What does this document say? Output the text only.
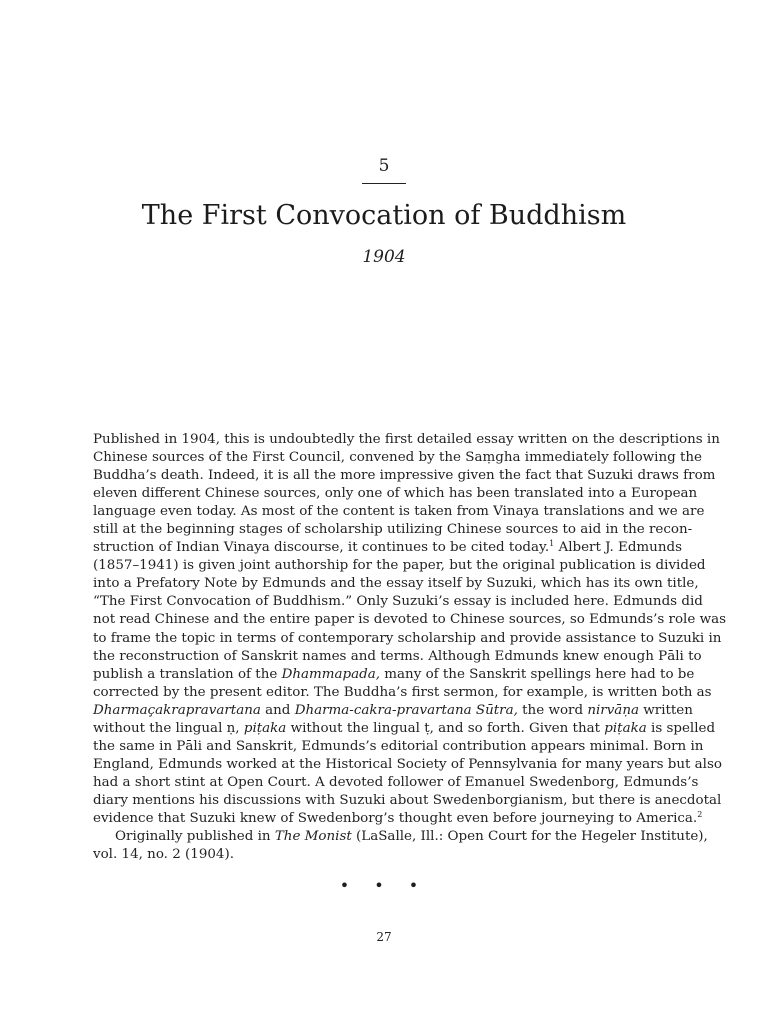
5
The First Convocation of Buddhism
1904
Published in 1904, this is undoubtedly the first detailed essay written on the descriptions in
Chinese sources of the First Council, convened by the Saṃgha immediately following the
Buddha’s death. Indeed, it is all the more impressive given the fact that Suzuki draws from
eleven different Chinese sources, only one of which has been translated into a European
language even today. As most of the content is taken from Vinaya translations and we are
still at the beginning stages of scholarship utilizing Chinese sources to aid in the recon-
struction of Indian Vinaya discourse, it continues to be cited today.$^1$ Albert J. Edmunds
(1857–1941) is given joint authorship for the paper, but the original publication is divided
into a Prefatory Note by Edmunds and the essay itself by Suzuki, which has its own title,
“The First Convocation of Buddhism.” Only Suzuki’s essay is included here. Edmunds did
not read Chinese and the entire paper is devoted to Chinese sources, so Edmunds’s role was
to frame the topic in terms of contemporary scholarship and provide assistance to Suzuki in
the reconstruction of Sanskrit names and terms. Although Edmunds knew enough Pāli to
publish a translation of the Dhammapada, many of the Sanskrit spellings here had to be
corrected by the present editor. The Buddha’s first sermon, for example, is written both as
Dharmaçakrapravartana and Dharma-cakra-pravartana Sūtra, the word nirvāṇa written
without the lingual ṇ, piṭaka without the lingual ṭ, and so forth. Given that piṭaka is spelled
the same in Pāli and Sanskrit, Edmunds’s editorial contribution appears minimal. Born in
England, Edmunds worked at the Historical Society of Pennsylvania for many years but also
had a short stint at Open Court. A devoted follower of Emanuel Swedenborg, Edmunds’s
diary mentions his discussions with Suzuki about Swedenborgianism, but there is anecdotal
evidence that Suzuki knew of Swedenborg’s thought even before journeying to America.$^2$
Originally published in The Monist (LaSalle, Ill.: Open Court for the Hegeler Institute),
vol. 14, no. 2 (1904).
• • •
27
